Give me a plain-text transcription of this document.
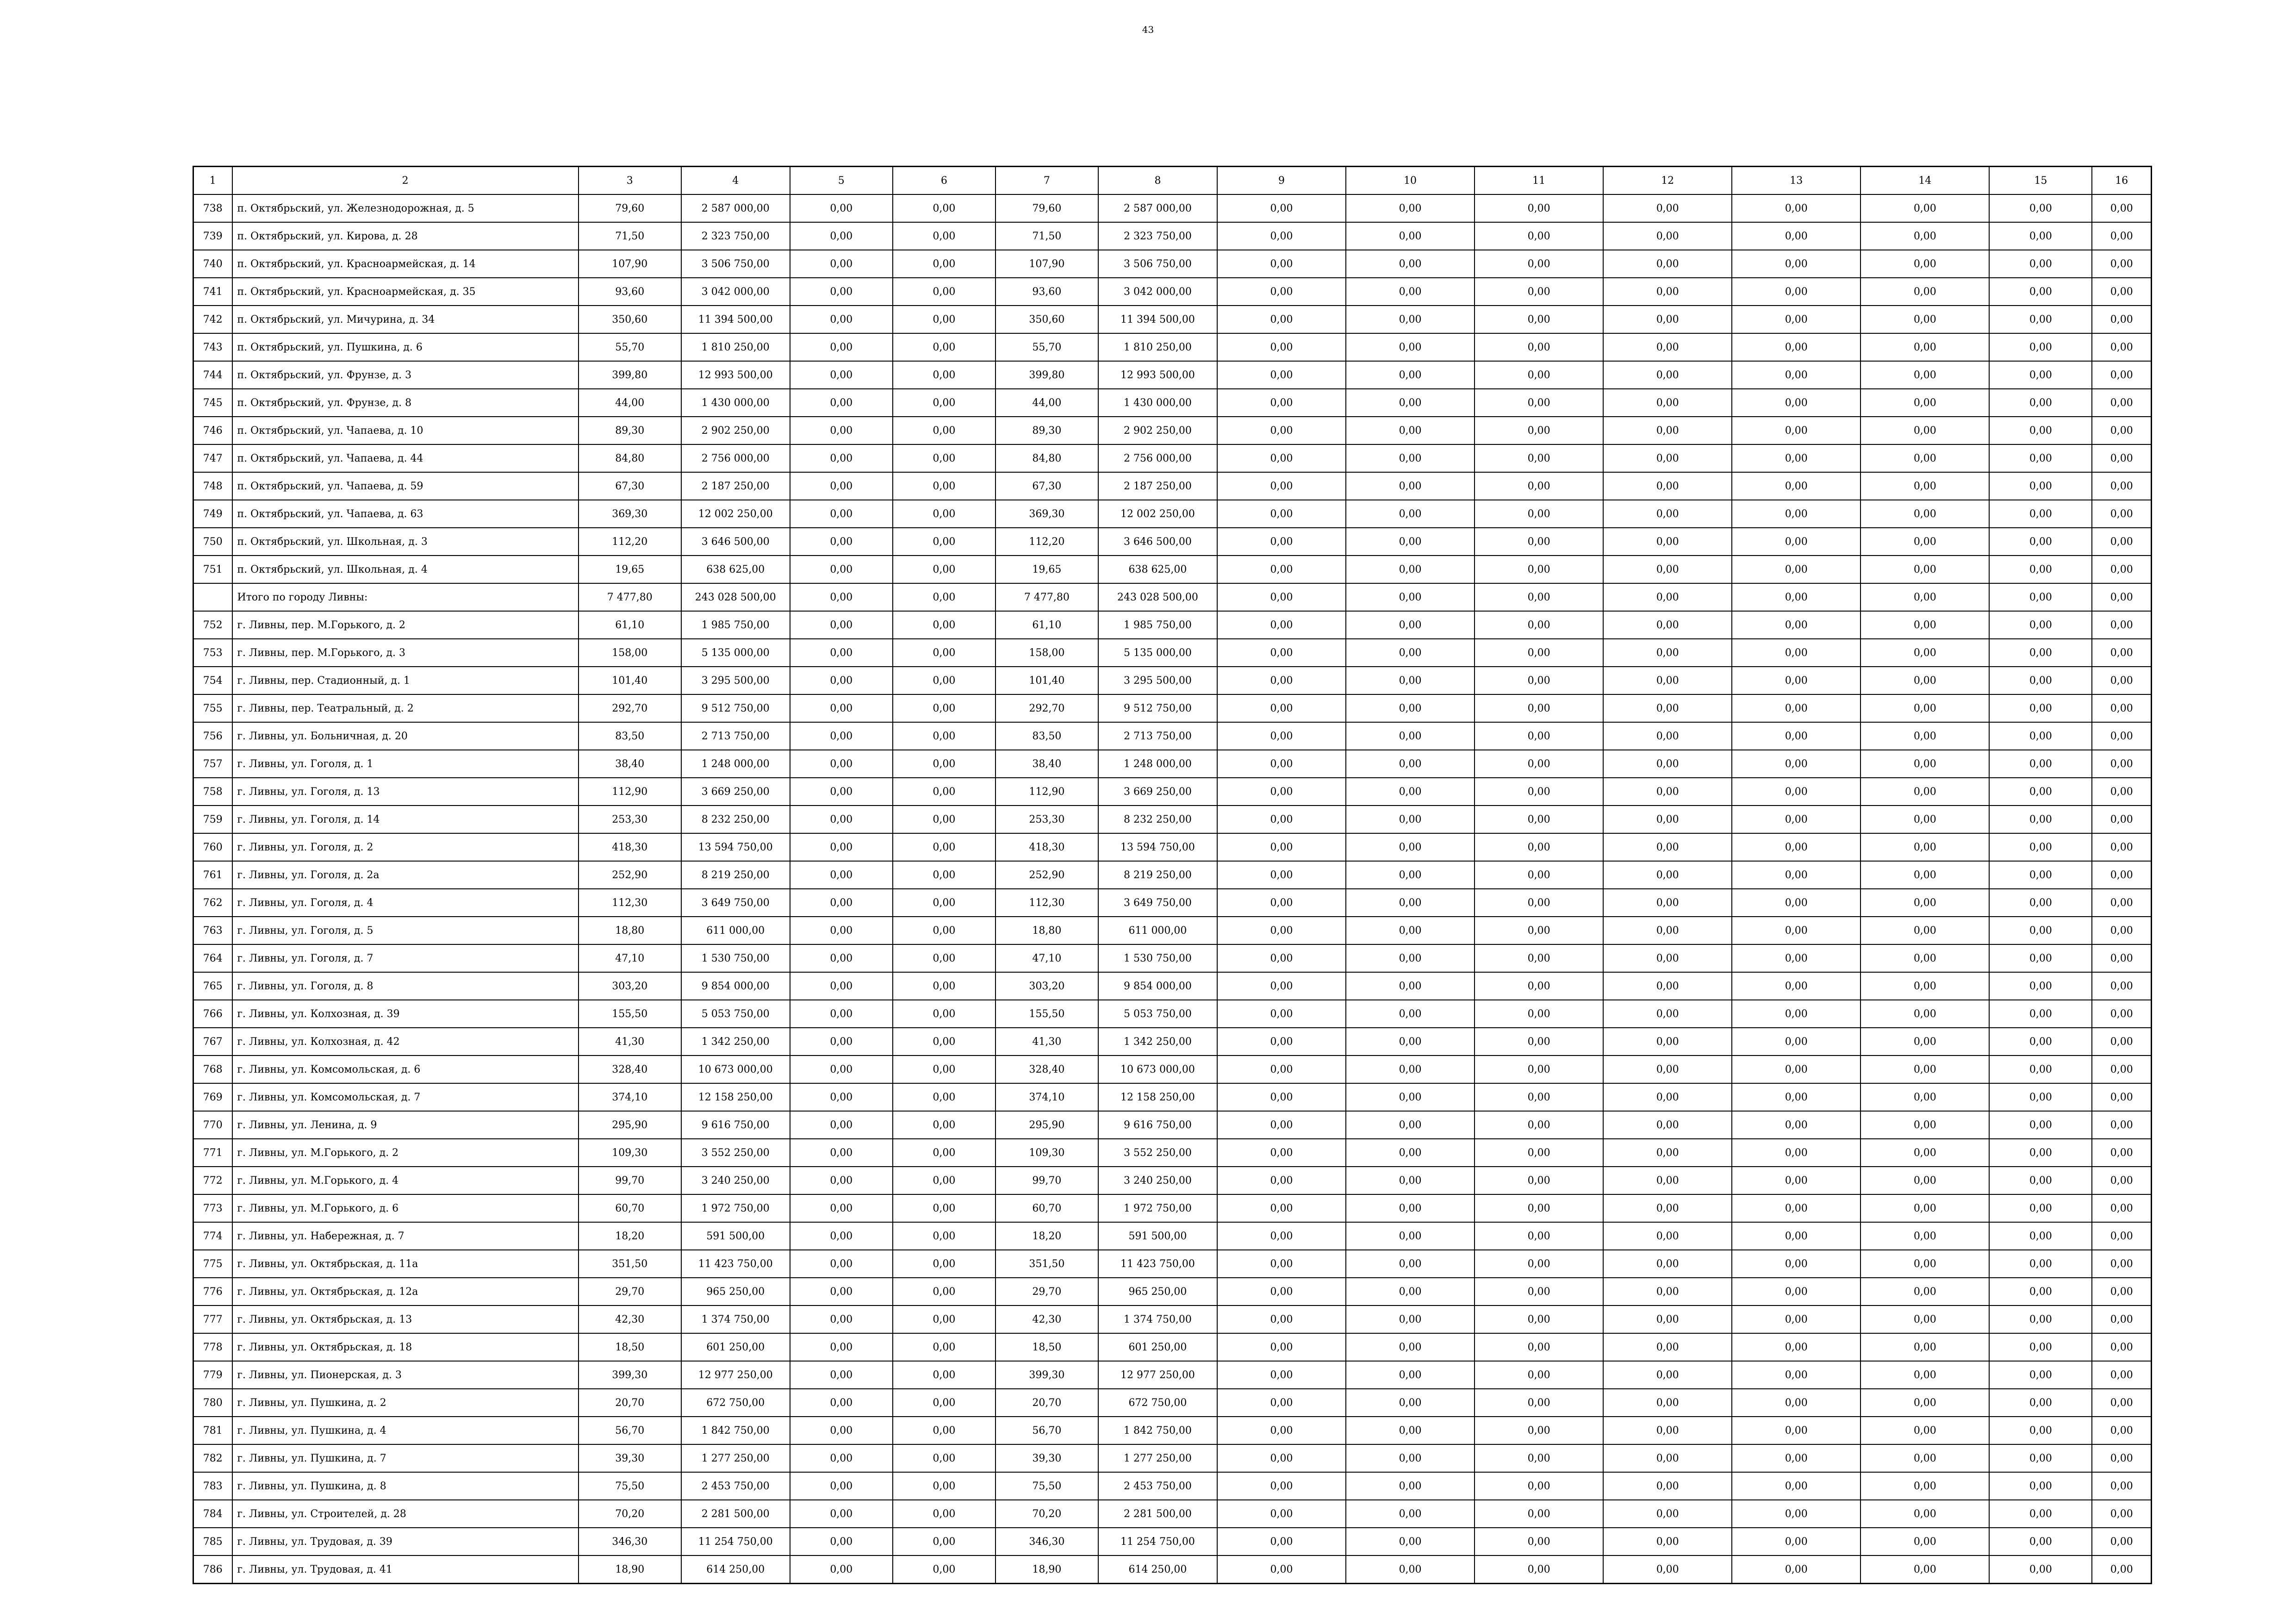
43
1	2	3	4	5	6	7	8	9	10	11	12	13	14	15	16
738	п. Октябрьский, ул. Железнодорожная, д. 5	79,60	2 587 000,00	0,00	0,00	79,60	2 587 000,00	0,00	0,00	0,00	0,00	0,00	0,00	0,00	0,00
739	п. Октябрьский, ул. Кирова, д. 28	71,50	2 323 750,00	0,00	0,00	71,50	2 323 750,00	0,00	0,00	0,00	0,00	0,00	0,00	0,00	0,00
740	п. Октябрьский, ул. Красноармейская, д. 14	107,90	3 506 750,00	0,00	0,00	107,90	3 506 750,00	0,00	0,00	0,00	0,00	0,00	0,00	0,00	0,00
741	п. Октябрьский, ул. Красноармейская, д. 35	93,60	3 042 000,00	0,00	0,00	93,60	3 042 000,00	0,00	0,00	0,00	0,00	0,00	0,00	0,00	0,00
742	п. Октябрьский, ул. Мичурина, д. 34	350,60	11 394 500,00	0,00	0,00	350,60	11 394 500,00	0,00	0,00	0,00	0,00	0,00	0,00	0,00	0,00
743	п. Октябрьский, ул. Пушкина, д. 6	55,70	1 810 250,00	0,00	0,00	55,70	1 810 250,00	0,00	0,00	0,00	0,00	0,00	0,00	0,00	0,00
744	п. Октябрьский, ул. Фрунзе, д. 3	399,80	12 993 500,00	0,00	0,00	399,80	12 993 500,00	0,00	0,00	0,00	0,00	0,00	0,00	0,00	0,00
745	п. Октябрьский, ул. Фрунзе, д. 8	44,00	1 430 000,00	0,00	0,00	44,00	1 430 000,00	0,00	0,00	0,00	0,00	0,00	0,00	0,00	0,00
746	п. Октябрьский, ул. Чапаева, д. 10	89,30	2 902 250,00	0,00	0,00	89,30	2 902 250,00	0,00	0,00	0,00	0,00	0,00	0,00	0,00	0,00
747	п. Октябрьский, ул. Чапаева, д. 44	84,80	2 756 000,00	0,00	0,00	84,80	2 756 000,00	0,00	0,00	0,00	0,00	0,00	0,00	0,00	0,00
748	п. Октябрьский, ул. Чапаева, д. 59	67,30	2 187 250,00	0,00	0,00	67,30	2 187 250,00	0,00	0,00	0,00	0,00	0,00	0,00	0,00	0,00
749	п. Октябрьский, ул. Чапаева, д. 63	369,30	12 002 250,00	0,00	0,00	369,30	12 002 250,00	0,00	0,00	0,00	0,00	0,00	0,00	0,00	0,00
750	п. Октябрьский, ул. Школьная, д. 3	112,20	3 646 500,00	0,00	0,00	112,20	3 646 500,00	0,00	0,00	0,00	0,00	0,00	0,00	0,00	0,00
751	п. Октябрьский, ул. Школьная, д. 4	19,65	638 625,00	0,00	0,00	19,65	638 625,00	0,00	0,00	0,00	0,00	0,00	0,00	0,00	0,00
	Итого по городу Ливны:	7 477,80	243 028 500,00	0,00	0,00	7 477,80	243 028 500,00	0,00	0,00	0,00	0,00	0,00	0,00	0,00	0,00
752	г. Ливны, пер. М.Горького, д. 2	61,10	1 985 750,00	0,00	0,00	61,10	1 985 750,00	0,00	0,00	0,00	0,00	0,00	0,00	0,00	0,00
753	г. Ливны, пер. М.Горького, д. 3	158,00	5 135 000,00	0,00	0,00	158,00	5 135 000,00	0,00	0,00	0,00	0,00	0,00	0,00	0,00	0,00
754	г. Ливны, пер. Стадионный, д. 1	101,40	3 295 500,00	0,00	0,00	101,40	3 295 500,00	0,00	0,00	0,00	0,00	0,00	0,00	0,00	0,00
755	г. Ливны, пер. Театральный, д. 2	292,70	9 512 750,00	0,00	0,00	292,70	9 512 750,00	0,00	0,00	0,00	0,00	0,00	0,00	0,00	0,00
756	г. Ливны, ул. Больничная, д. 20	83,50	2 713 750,00	0,00	0,00	83,50	2 713 750,00	0,00	0,00	0,00	0,00	0,00	0,00	0,00	0,00
757	г. Ливны, ул. Гоголя, д. 1	38,40	1 248 000,00	0,00	0,00	38,40	1 248 000,00	0,00	0,00	0,00	0,00	0,00	0,00	0,00	0,00
758	г. Ливны, ул. Гоголя, д. 13	112,90	3 669 250,00	0,00	0,00	112,90	3 669 250,00	0,00	0,00	0,00	0,00	0,00	0,00	0,00	0,00
759	г. Ливны, ул. Гоголя, д. 14	253,30	8 232 250,00	0,00	0,00	253,30	8 232 250,00	0,00	0,00	0,00	0,00	0,00	0,00	0,00	0,00
760	г. Ливны, ул. Гоголя, д. 2	418,30	13 594 750,00	0,00	0,00	418,30	13 594 750,00	0,00	0,00	0,00	0,00	0,00	0,00	0,00	0,00
761	г. Ливны, ул. Гоголя, д. 2а	252,90	8 219 250,00	0,00	0,00	252,90	8 219 250,00	0,00	0,00	0,00	0,00	0,00	0,00	0,00	0,00
762	г. Ливны, ул. Гоголя, д. 4	112,30	3 649 750,00	0,00	0,00	112,30	3 649 750,00	0,00	0,00	0,00	0,00	0,00	0,00	0,00	0,00
763	г. Ливны, ул. Гоголя, д. 5	18,80	611 000,00	0,00	0,00	18,80	611 000,00	0,00	0,00	0,00	0,00	0,00	0,00	0,00	0,00
764	г. Ливны, ул. Гоголя, д. 7	47,10	1 530 750,00	0,00	0,00	47,10	1 530 750,00	0,00	0,00	0,00	0,00	0,00	0,00	0,00	0,00
765	г. Ливны, ул. Гоголя, д. 8	303,20	9 854 000,00	0,00	0,00	303,20	9 854 000,00	0,00	0,00	0,00	0,00	0,00	0,00	0,00	0,00
766	г. Ливны, ул. Колхозная, д. 39	155,50	5 053 750,00	0,00	0,00	155,50	5 053 750,00	0,00	0,00	0,00	0,00	0,00	0,00	0,00	0,00
767	г. Ливны, ул. Колхозная, д. 42	41,30	1 342 250,00	0,00	0,00	41,30	1 342 250,00	0,00	0,00	0,00	0,00	0,00	0,00	0,00	0,00
768	г. Ливны, ул. Комсомольская, д. 6	328,40	10 673 000,00	0,00	0,00	328,40	10 673 000,00	0,00	0,00	0,00	0,00	0,00	0,00	0,00	0,00
769	г. Ливны, ул. Комсомольская, д. 7	374,10	12 158 250,00	0,00	0,00	374,10	12 158 250,00	0,00	0,00	0,00	0,00	0,00	0,00	0,00	0,00
770	г. Ливны, ул. Ленина, д. 9	295,90	9 616 750,00	0,00	0,00	295,90	9 616 750,00	0,00	0,00	0,00	0,00	0,00	0,00	0,00	0,00
771	г. Ливны, ул. М.Горького, д. 2	109,30	3 552 250,00	0,00	0,00	109,30	3 552 250,00	0,00	0,00	0,00	0,00	0,00	0,00	0,00	0,00
772	г. Ливны, ул. М.Горького, д. 4	99,70	3 240 250,00	0,00	0,00	99,70	3 240 250,00	0,00	0,00	0,00	0,00	0,00	0,00	0,00	0,00
773	г. Ливны, ул. М.Горького, д. 6	60,70	1 972 750,00	0,00	0,00	60,70	1 972 750,00	0,00	0,00	0,00	0,00	0,00	0,00	0,00	0,00
774	г. Ливны, ул. Набережная, д. 7	18,20	591 500,00	0,00	0,00	18,20	591 500,00	0,00	0,00	0,00	0,00	0,00	0,00	0,00	0,00
775	г. Ливны, ул. Октябрьская, д. 11а	351,50	11 423 750,00	0,00	0,00	351,50	11 423 750,00	0,00	0,00	0,00	0,00	0,00	0,00	0,00	0,00
776	г. Ливны, ул. Октябрьская, д. 12а	29,70	965 250,00	0,00	0,00	29,70	965 250,00	0,00	0,00	0,00	0,00	0,00	0,00	0,00	0,00
777	г. Ливны, ул. Октябрьская, д. 13	42,30	1 374 750,00	0,00	0,00	42,30	1 374 750,00	0,00	0,00	0,00	0,00	0,00	0,00	0,00	0,00
778	г. Ливны, ул. Октябрьская, д. 18	18,50	601 250,00	0,00	0,00	18,50	601 250,00	0,00	0,00	0,00	0,00	0,00	0,00	0,00	0,00
779	г. Ливны, ул. Пионерская, д. 3	399,30	12 977 250,00	0,00	0,00	399,30	12 977 250,00	0,00	0,00	0,00	0,00	0,00	0,00	0,00	0,00
780	г. Ливны, ул. Пушкина, д. 2	20,70	672 750,00	0,00	0,00	20,70	672 750,00	0,00	0,00	0,00	0,00	0,00	0,00	0,00	0,00
781	г. Ливны, ул. Пушкина, д. 4	56,70	1 842 750,00	0,00	0,00	56,70	1 842 750,00	0,00	0,00	0,00	0,00	0,00	0,00	0,00	0,00
782	г. Ливны, ул. Пушкина, д. 7	39,30	1 277 250,00	0,00	0,00	39,30	1 277 250,00	0,00	0,00	0,00	0,00	0,00	0,00	0,00	0,00
783	г. Ливны, ул. Пушкина, д. 8	75,50	2 453 750,00	0,00	0,00	75,50	2 453 750,00	0,00	0,00	0,00	0,00	0,00	0,00	0,00	0,00
784	г. Ливны, ул. Строителей, д. 28	70,20	2 281 500,00	0,00	0,00	70,20	2 281 500,00	0,00	0,00	0,00	0,00	0,00	0,00	0,00	0,00
785	г. Ливны, ул. Трудовая, д. 39	346,30	11 254 750,00	0,00	0,00	346,30	11 254 750,00	0,00	0,00	0,00	0,00	0,00	0,00	0,00	0,00
786	г. Ливны, ул. Трудовая, д. 41	18,90	614 250,00	0,00	0,00	18,90	614 250,00	0,00	0,00	0,00	0,00	0,00	0,00	0,00	0,00
